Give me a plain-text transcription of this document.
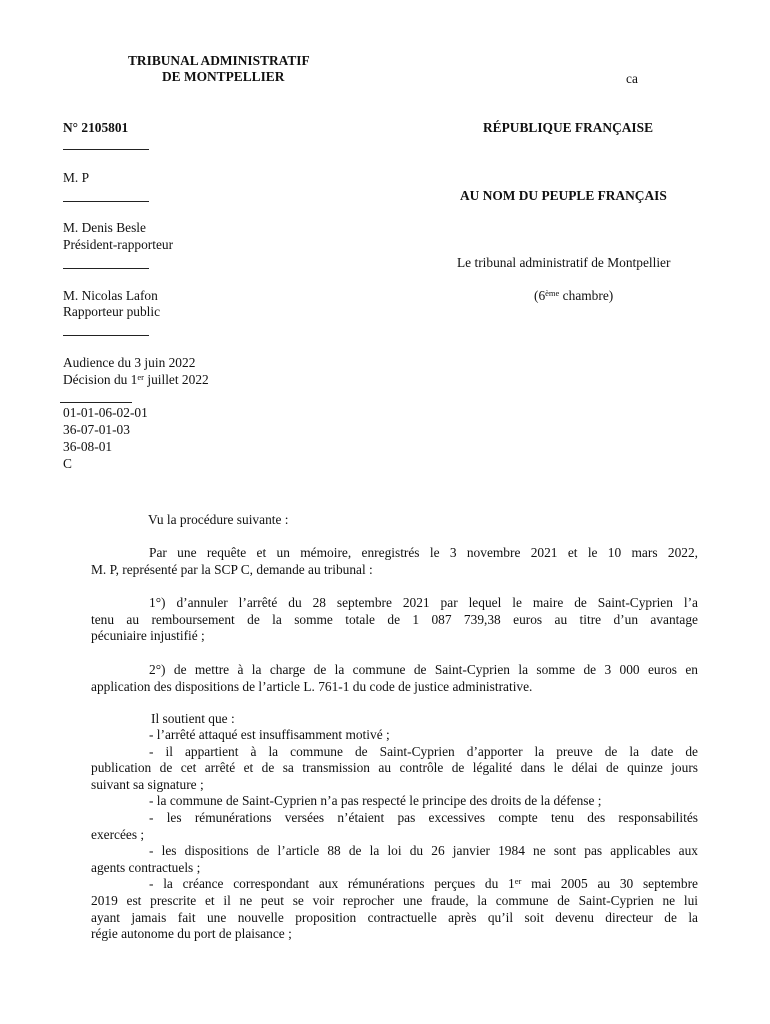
TRIBUNAL ADMINISTRATIF
DE MONTPELLIER	ca
N° 2105801	RÉPUBLIQUE FRANÇAISE
M. P
AU NOM DU PEUPLE FRANÇAIS
M. Denis Besle
Président-rapporteur
Le tribunal administratif de Montpellier
M. Nicolas Lafon
Rapporteur public
(6ème chambre)
Audience du 3 juin 2022
Décision du 1er juillet 2022
01-01-06-02-01
36-07-01-03
36-08-01
C
Vu la procédure suivante :
Par une requête et un mémoire, enregistrés le 3 novembre 2021 et le 10 mars 2022,
M. P, représenté par la SCP C, demande au tribunal :
1°) d’annuler l’arrêté du 28 septembre 2021 par lequel le maire de Saint-Cyprien l’a
tenu au remboursement de la somme totale de 1 087 739,38 euros au titre d’un avantage
pécuniaire injustifié ;
2°) de mettre à la charge de la commune de Saint-Cyprien la somme de 3 000 euros en
application des dispositions de l’article L. 761-1 du code de justice administrative.
Il soutient que :
- l’arrêté attaqué est insuffisamment motivé ;
- il appartient à la commune de Saint-Cyprien d’apporter la preuve de la date de
publication de cet arrêté et de sa transmission au contrôle de légalité dans le délai de quinze jours
suivant sa signature ;
- la commune de Saint-Cyprien n’a pas respecté le principe des droits de la défense ;
- les rémunérations versées n’étaient pas excessives compte tenu des responsabilités
exercées ;
- les dispositions de l’article 88 de la loi du 26 janvier 1984 ne sont pas applicables aux
agents contractuels ;
- la créance correspondant aux rémunérations perçues du 1er mai 2005 au 30 septembre
2019 est prescrite et il ne peut se voir reprocher une fraude, la commune de Saint-Cyprien ne lui
ayant jamais fait une nouvelle proposition contractuelle après qu’il soit devenu directeur de la
régie autonome du port de plaisance ;
